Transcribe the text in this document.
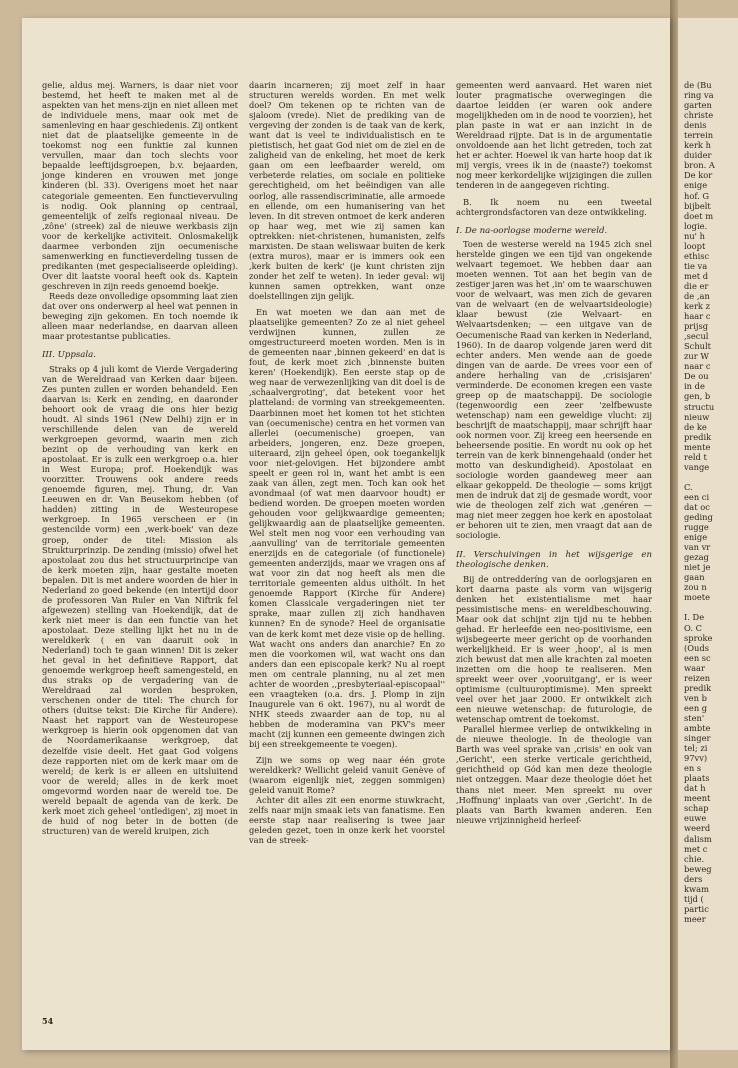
de (Bu
ring va
garten
christe
denis
terrein
kerk h
duider
bron. A
De kor
enige
hof. G
bijbelt
doet m
logie.
nu' h
loopt
ethisc
tie va
met d
die er
de ,an
kerk z
haar c
prijsg
,secul
Schult
zur W
naar c
De ou
in de
gen, b
structu
nieuw
de ke
predik
mente
reld t
vange
C.
een ci
dat oc
geding
rugge
enige
van vr
gezag
niet je
gaan
zou n
moete
I. De
O. C
sproke
(Ouds
een sc
waar
reizen
predik
ven b
een g
sten'
ambte
singer
tel; zi
97vv)
en s
plaats
dat h
meent
schap
euwe
weerd
dalism
met c
chie.
beweg
ders
kwam
tijd (
partic
meer

gelie, aldus mej. Warners, is daar niet voor bestemd, het heeft te maken met al de aspekten van het mens-zijn en niet alleen met de individuele mens, maar ook met de samenleving en haar geschiedenis. Zij ontkent niet dat de plaatselijke gemeente in de toekomst nog een funktie zal kunnen vervullen, maar dan toch slechts voor bepaalde leeftijdsgroepen, b.v. bejaarden, jonge kinderen en vrouwen met jonge kinderen (bl. 33). Overigens moet het naar categoriale gemeenten. Een functievervuling is nodig. Ook planning op centraal, gemeentelijk of zelfs regionaal niveau. De ,zône' (streek) zal de nieuwe werkbasis zijn voor de kerkelijke activiteit. Onlosmakelijk daarmee verbonden zijn oecumenische samenwerking en functieverdeling tussen de predikanten (met gespecialiseerde opleiding). Over dit laatste vooral heeft ook ds. Kaptein geschreven in zijn reeds genoemd boekje.

Reeds deze onvolledige opsomming laat zien dat over ons onderwerp al heel wat pennen in beweging zijn gekomen. En toch noemde ik alleen maar nederlandse, en daarvan alleen maar protestantse publicaties.

III. Uppsala.

Straks op 4 juli komt de Vierde Vergadering van de Wereldraad van Kerken daar bijeen. Zes punten zullen er worden behandeld. Een daarvan is: Kerk en zending, en daaronder behoort ook de vraag die ons hier bezig houdt. Al sinds 1961 (New Delhi) zijn er in verschillende delen van de wereld werkgroepen gevormd, waarin men zich bezint op de verhouding van kerk en apostolaat. Er is zulk een werkgroep o.a. hier in West Europa; prof. Hoekendijk was voorzitter. Trouwens ook andere reeds genoemde figuren, mej. Thung, dr. Van Leeuwen en dr. Van Beusekom hebben (of hadden) zitting in de Westeuropese werkgroep. In 1965 verscheen er (in gestencilde vorm) een ,werk-boek' van deze groep, onder de titel: Mission als Strukturprinzip. De zending (missio) ofwel het apostolaat zou dus het structuurprincipe van de kerk moeten zijn, haar gestalte moeten bepalen. Dit is met andere woorden de hier in Nederland zo goed bekende (en intertijd door de professoren Van Ruler en Van Niftrik fel afgewezen) stelling van Hoekendijk, dat de kerk niet meer is dan een functie van het apostolaat. Deze stelling lijkt het nu in de wereldkerk ( en van daaruit ook in Nederland) toch te gaan winnen! Dit is zeker het geval in het definitieve Rapport, dat genoemde werkgroep heeft samengesteld, en dus straks op de vergadering van de Wereldraad zal worden besproken, verschenen onder de titel: The church for others (duitse tekst: Die Kirche für Andere). Naast het rapport van de Westeuropese werkgroep is hierin ook opgenomen dat van de Noordamerikaanse werkgroep, dat dezelfde visie deelt. Het gaat God volgens deze rapporten niet om de kerk maar om de wereld; de kerk is er alleen en uitsluitend voor de wereld; alles in de kerk moet omgevormd worden naar de wereld toe. De wereld bepaalt de agenda van de kerk. De kerk moet zich geheel 'ontledigen', zij moet in de huid of nog beter in de botten (de structuren) van de wereld kruipen, zich

daarin incarneren; zij moet zelf in haar structuren werelds worden. En met welk doel? Om tekenen op te richten van de sjaloom (vrede). Niet de prediking van de vergeving der zonden is de taak van de kerk, want dat is veel te individualistisch en te pietistisch, het gaat God niet om de ziel en de zaligheid van de enkeling, het moet de kerk gaan om een leefbaarder wereld, om verbeterde relaties, om sociale en politieke gerechtigheid, om het beëindigen van alle oorlog, alle rassendiscriminatie, alle armoede en ellende, om een humanisering van het leven. In dit streven ontmoet de kerk anderen op haar weg, met wie zij samen kan optrekken: niet-christenen, humanisten, zelfs marxisten. De staan weliswaar buiten de kerk (extra muros), maar er is immers ook een ,kerk buiten de kerk' (je kunt christen zijn zonder het zelf te weten). In ieder geval: wij kunnen samen optrekken, want onze doelstellingen zijn gelijk.

En wat moeten we dan aan met de plaatselijke gemeenten? Zo ze al niet geheel verdwijnen kunnen, zullen ze omgestructureerd moeten worden. Men is in de gemeenten naar ,binnen gekeerd' en dat is fout, de kerk moet zich ,binnenste buiten keren' (Hoekendijk). Een eerste stap op de weg naar de verwezenlijking van dit doel is de ,schaalvergroting', dat betekent voor het platteland: de vorming van streekgemeenten. Daarbinnen moet het komen tot het stichten van (oecumenische) centra en het vormen van allerlei (oecumenische) groepen, van arbeiders, jongeren, enz. Deze groepen, uiteraard, zijn geheel ópen, ook toegankelijk voor niet-gelovigen. Het bijzondere ambt speelt er geen rol in, want het ambt is een zaak van állen, zegt men. Toch kan ook het avondmaal (of wat men daarvoor houdt) er bediend worden. De groepen moeten worden gehouden voor gelijkwaardige gemeenten; gelijkwaardig aan de plaatselijke gemeenten. Wel stelt men nog voor een verhouding van ,aanvulling' van de territoriale gemeenten enerzijds en de categoriale (of functionele) gemeenten anderzijds, maar we vragen ons af wat voor zin dat nog heeft als men die territoriale gemeenten aldus uithólt. In het genoemde Rapport (Kirche für Andere) komen Classicale vergaderingen niet ter sprake, maar zullen zij zich handhaven kunnen? En de synode? Heel de organisatie van de kerk komt met deze visie op de helling. Wat wacht ons anders dan anarchie? En zo men die voorkomen wil, wat wacht ons dan anders dan een episcopale kerk? Nu al roept men om centrale planning, nu al zet men achter de woorden ,,presbyteriaal-episcopaal'' een vraagteken (o.a. drs. J. Plomp in zijn Inaugurele van 6 okt. 1967), nu al wordt de NHK steeds zwaarder aan de top, nu al hebben de moderamina van PKV's meer macht (zij kunnen een gemeente dwingen zich bij een streekgemeente te voegen).

Zijn we soms op weg naar één grote wereldkerk? Wellicht geleid vanuit Genève of (waarom eigenlijk niet, zeggen sommigen) geleid vanuit Rome?

Achter dit alles zit een enorme stuwkracht, zelfs naar mijn smaak iets van fanatisme. Een eerste stap naar realisering is twee jaar geleden gezet, toen in onze kerk het voorstel van de streek-

gemeenten werd aanvaard. Het waren niet louter pragmatische overwegingen die daartoe leidden (er waren ook andere mogelijkheden om in de nood te voorzien), het plan paste in wat er aan inzicht in de Wereldraad rijpte. Dat is in de argumentatie onvoldoende aan het licht getreden, toch zat het er achter. Hoewel ik van harte hoop dat ik mij vergis, vrees ik in de (naaste?) toekomst nog meer kerkordelijke wijzigingen die zullen tenderen in de aangegeven richting.

B. Ik noem nu een tweetal achtergrondsfactoren van deze ontwikkeling.

I. De na-oorlogse moderne wereld.

Toen de westerse wereld na 1945 zich snel herstelde gingen we een tijd van ongekende welvaart tegemoet. We hebben daar aan moeten wennen. Tot aan het begin van de zestiger jaren was het ,in' om te waarschuwen voor de welvaart, was men zich de gevaren van de welvaart (en de welvaartsideologie) klaar bewust (zie Welvaart- en Welvaartsdenken; — een uitgave van de Oecumenische Raad van kerken in Nederland, 1960). In de daarop volgende jaren werd dit echter anders. Men wende aan de goede dingen van de aarde. De vrees voor een of andere herhaling van de ,crisisjaren' verminderde. De economen kregen een vaste greep op de maatschappij. De sociologie (tegenwoordig een zeer 'zelfbewuste wetenschap) nam een geweldige vlucht: zij beschrijft de maatschappij, maar schrijft haar ook normen voor. Zij kreeg een heersende en beheersende positie. En wordt nu ook op het terrein van de kerk binnengehaald (onder het motto van deskundigheid). Apostolaat en sociologie worden gaandeweg meer aan elkaar gekoppeld. De theologie — soms krijgt men de indruk dat zij de gesmade wordt, voor wie de theologen zelf zich wat ,genéren — mag niet meer zeggen hoe kerk en apostolaat er behoren uit te zien, men vraagt dat aan de sociologie.

II. Verschuivingen in het wijsgerige en theologische denken.

Bij de ontredderíng van de oorlogsjaren en kort daarna paste als vorm van wijsgerig denken het existentialisme met haar pessimistische mens- en wereldbeschouwing. Maar ook dat schijnt zijn tijd nu te hebben gehad. Er herleefde een neo-positivisme, een wijsbegeerte meer gericht op de voorhanden werkelijkheid. Er is weer ,hoop', al is men zich bewust dat men alle krachten zal moeten inzetten om die hoop te realiseren. Men spreekt weer over ,vooruitgang', er is weer optimisme (cultuuroptimisme). Men spreekt veel over het jaar 2000. Er ontwikkelt zich een nieuwe wetenschap: de futurologie, de wetenschap omtrent de toekomst.

Parallel hiermee verliep de ontwikkeling in de nieuwe theologie. In de theologie van Barth was veel sprake van ,crisis' en ook van ,Gericht', een sterke verticale gerichtheid, gerichtheid op Gód kan men deze theologie niet ontzeggen. Maar deze theologie dóet het thans niet meer. Men spreekt nu over ,Hoffnung' inplaats van over ,Gericht'. In de plaats van Barth kwamen anderen. Een nieuwe vrijzinnigheid herleef-

54
